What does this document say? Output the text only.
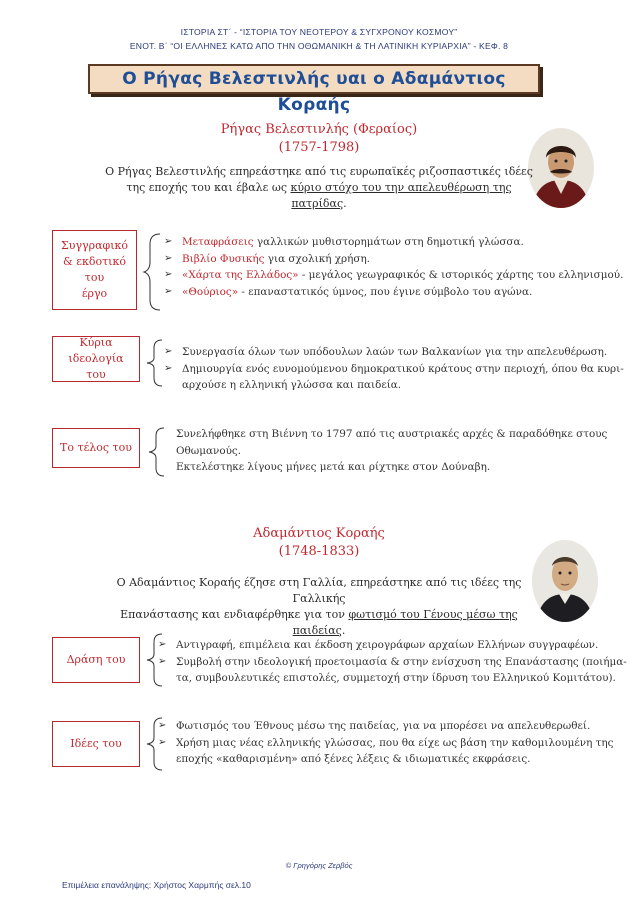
ΙΣΤΟΡΙΑ ΣΤ΄ - “ΙΣΤΟΡΙΑ ΤΟΥ ΝΕΟΤΕΡΟΥ & ΣΥΓΧΡΟΝΟΥ ΚΟΣΜΟΥ”
ΕΝΟΤ. Β΄ “ΟΙ ΕΛΛΗΝΕΣ ΚΑΤΩ ΑΠΟ ΤΗΝ ΟΘΩΜΑΝΙΚΗ & ΤΗ ΛΑΤΙΝΙΚΗ ΚΥΡΙΑΡΧΙΑ” - ΚΕΦ. 8
Ο Ρήγας Βελεστινλής υαι ο Αδαμάντιος Κοραής
Ρήγας Βελεστινλής (Φεραίος)
(1757-1798)
Ο Ρήγας Βελεστινλής επηρεάστηκε από τις ευρωπαϊκές ριζοσπαστικές ιδέες
της εποχής του και έβαλε ως κύριο στόχο του την απελευθέρωση της πατρίδας.
Συγγραφικό
& εκδοτικό του
έργο
➢ Μεταφράσεις γαλλικών μυθιστορημάτων στη δημοτική γλώσσα.
➢ Βιβλίο Φυσικής για σχολική χρήση.
➢ «Χάρτα της Ελλάδος» - μεγάλος γεωγραφικός & ιστορικός χάρτης του ελληνισμού.
➢ «Θούριος» - επαναστατικός ύμνος, που έγινε σύμβολο του αγώνα.
Κύρια ιδεολογία
του
➢ Συνεργασία όλων των υπόδουλων λαών των Βαλκανίων για την απελευθέρωση.
➢ Δημιουργία ενός ευνομούμενου δημοκρατικού κράτους στην περιοχή, όπου θα κυρι-
αρχούσε η ελληνική γλώσσα και παιδεία.
Το τέλος του
Συνελήφθηκε στη Βιέννη το 1797 από τις αυστριακές αρχές & παραδόθηκε στους
Οθωμανούς.
Εκτελέστηκε λίγους μήνες μετά και ρίχτηκε στον Δούναβη.
Αδαμάντιος Κοραής
(1748-1833)
Ο Αδαμάντιος Κοραής έζησε στη Γαλλία, επηρεάστηκε από τις ιδέες της Γαλλικής
Επανάστασης και ενδιαφέρθηκε για τον φωτισμό του Γένους μέσω της παιδείας.
Δράση του
➢ Αντιγραφή, επιμέλεια και έκδοση χειρογράφων αρχαίων Ελλήνων συγγραφέων.
➢ Συμβολή στην ιδεολογική προετοιμασία & στην ενίσχυση της Επανάστασης (ποιήμα-
τα, συμβουλευτικές επιστολές, συμμετοχή στην ίδρυση του Ελληνικού Κομιτάτου).
Ιδέες του
➢ Φωτισμός του Έθνους μέσω της παιδείας, για να μπορέσει να απελευθερωθεί.
➢ Χρήση μιας νέας ελληνικής γλώσσας, που θα είχε ως βάση την καθομιλουμένη της
εποχής «καθαρισμένη» από ξένες λέξεις & ιδιωματικές εκφράσεις.
© Γρηγόρης Ζερβός
Επιμέλεια επανάληψης: Χρήστος Χαρμπής σελ.10
